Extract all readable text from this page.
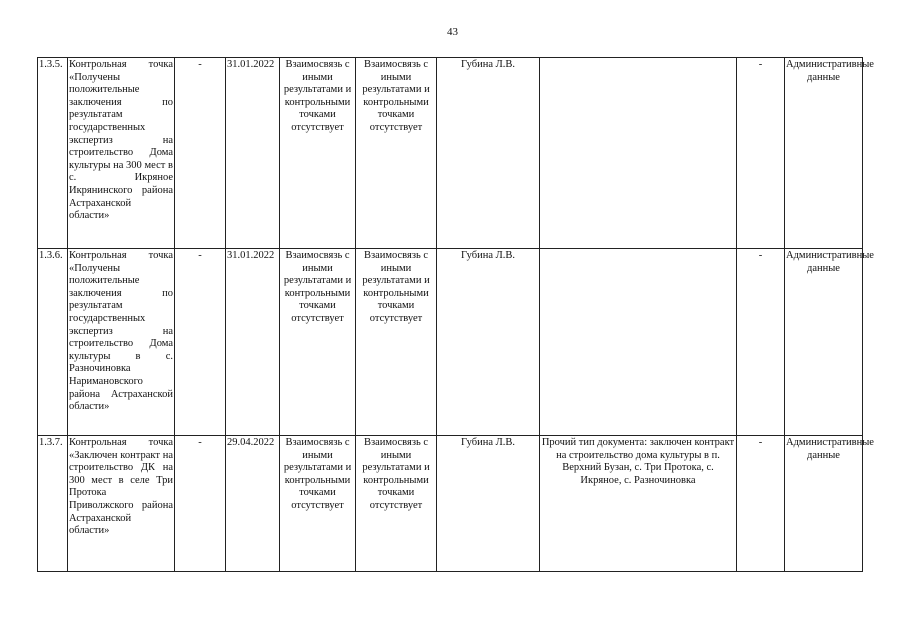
43
1.3.5.	Контрольная точка «Получены положительные заключения по результатам государственных экспертиз на строительство Дома культуры на 300 мест в с. Икряное Икрянинского района Астраханской области»	-	31.01.2022	Взаимосвязь с иными результатами и контрольными точками отсутствует	Взаимосвязь с иными результатами и контрольными точками отсутствует	Губина Л.В.		-	Административные данные
1.3.6.	Контрольная точка «Получены положительные заключения по результатам государственных экспертиз на строительство Дома культуры в с. Разночиновка Наримановского района Астраханской области»	-	31.01.2022	Взаимосвязь с иными результатами и контрольными точками отсутствует	Взаимосвязь с иными результатами и контрольными точками отсутствует	Губина Л.В.		-	Административные данные
1.3.7.	Контрольная точка «Заключен контракт на строительство ДК на 300 мест в селе Три Протока Приволжского района Астраханской области»	-	29.04.2022	Взаимосвязь с иными результатами и контрольными точками отсутствует	Взаимосвязь с иными результатами и контрольными точками отсутствует	Губина Л.В.	Прочий тип документа: заключен контракт на строительство дома культуры в п. Верхний Бузан, с. Три Протока, с. Икряное, с. Разночиновка	-	Административные данные
